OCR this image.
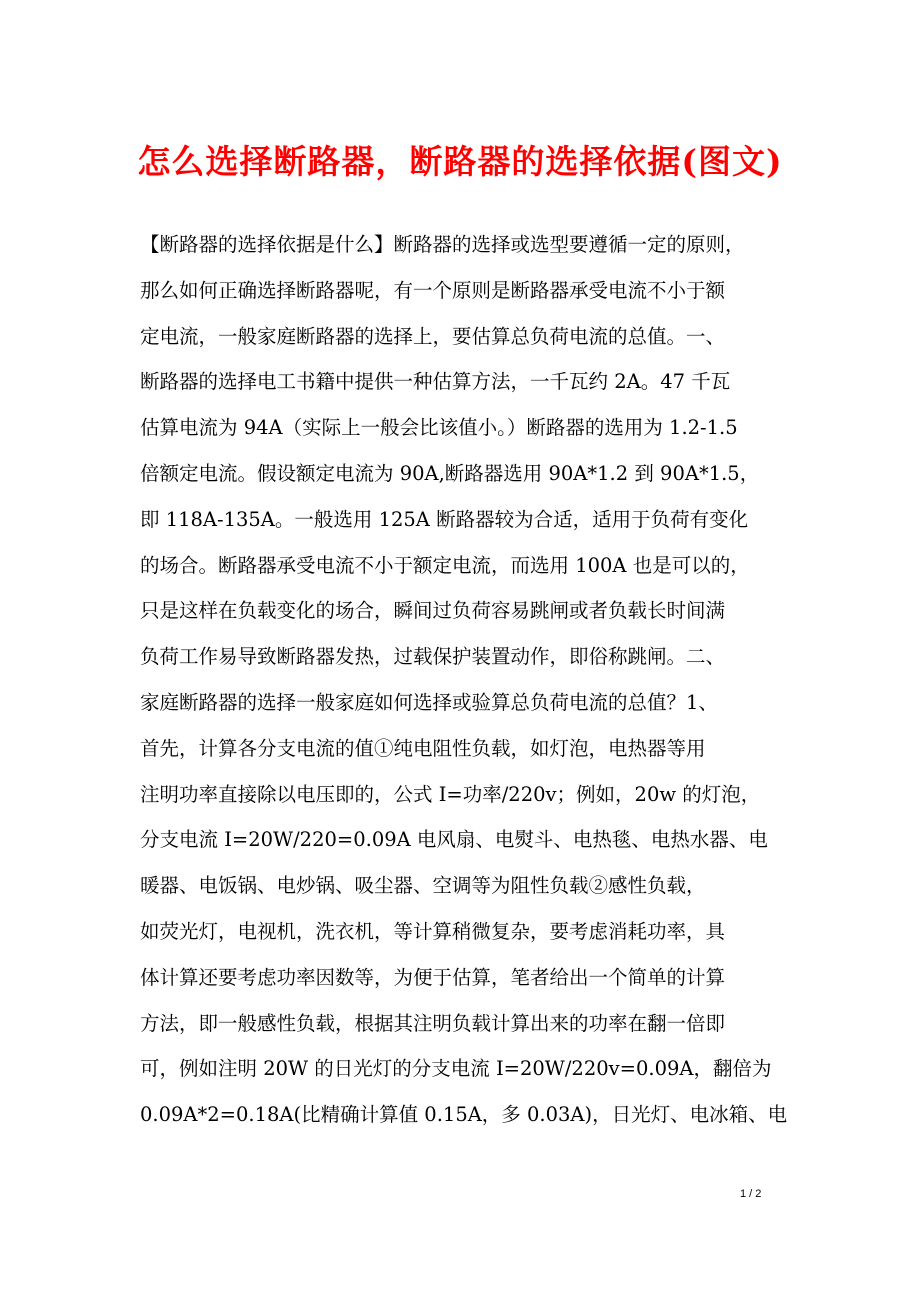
怎么选择断路器，断路器的选择依据(图文)
【断路器的选择依据是什么】断路器的选择或选型要遵循一定的原则，
那么如何正确选择断路器呢，有一个原则是断路器承受电流不小于额
定电流，一般家庭断路器的选择上，要估算总负荷电流的总值。一、
断路器的选择电工书籍中提供一种估算方法，一千瓦约 2A。47 千瓦
估算电流为 94A（实际上一般会比该值小。）断路器的选用为 1.2-1.5
倍额定电流。假设额定电流为 90A,断路器选用 90A*1.2 到 90A*1.5，
即 118A-135A。一般选用 125A 断路器较为合适，适用于负荷有变化
的场合。断路器承受电流不小于额定电流，而选用 100A 也是可以的，
只是这样在负载变化的场合，瞬间过负荷容易跳闸或者负载长时间满
负荷工作易导致断路器发热，过载保护装置动作，即俗称跳闸。二、
家庭断路器的选择一般家庭如何选择或验算总负荷电流的总值？1、
首先，计算各分支电流的值①纯电阻性负载，如灯泡，电热器等用
注明功率直接除以电压即的，公式 I=功率/220v；例如，20w 的灯泡，
分支电流 I=20W/220=0.09A 电风扇、电熨斗、电热毯、电热水器、电
暖器、电饭锅、电炒锅、吸尘器、空调等为阻性负载②感性负载，
如荧光灯，电视机，洗衣机，等计算稍微复杂，要考虑消耗功率，具
体计算还要考虑功率因数等，为便于估算，笔者给出一个简单的计算
方法，即一般感性负载，根据其注明负载计算出来的功率在翻一倍即
可，例如注明 20W 的日光灯的分支电流 I=20W/220v=0.09A，翻倍为
0.09A*2=0.18A(比精确计算值 0.15A，多 0.03A)，日光灯、电冰箱、电
1 / 2
